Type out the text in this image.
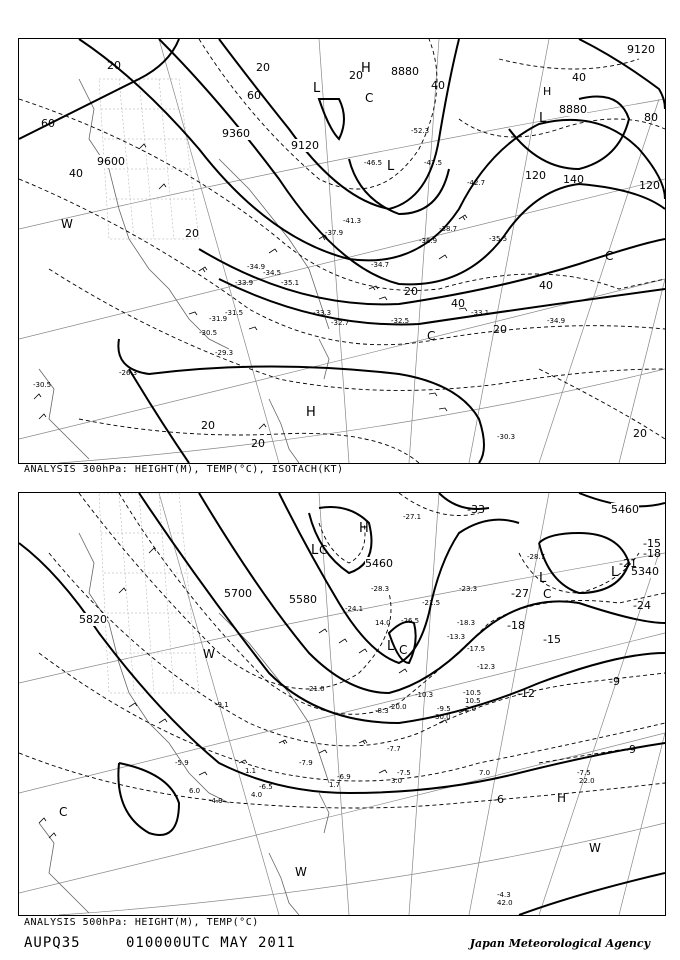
9600
9360
9120
8880
8880
9120
20	20
40
40
60
60
20	40
80
120 140	120
40
20
40
20
20
20
20
20
H
L
L
L
H
C
C
C
W
H
-52.3
-47.5
-42.7
-38.7
-36.9
-34.7
-34.9
-34.5
-33.1
-32.5
-32.7
-33.3
-31.5
-35.5
-34.9
-31.9
-30.5
-29.3
-35.1
-33.9
-37.9
-41.3
-46.5
-30.5
-26.3
-30.3
ANALYSIS 300hPa: HEIGHT(M), TEMP(°C), ISOTACH(KT)
5820
5700	5580
5460
5460
5340
-33
-27
-24
-21
-18
-15
-18
-15
-12
-9
-9
-6
H
L C
L C
L	L
C
W
W
C
H
W
-21.5
-23.3
-26.5
-28.3
-24.1
-18.3
-17.5
-10.5
-10.3
-12.3
-9.5
-8.3
-7.7
-7.9
-6.9
-6.5
-7.5
-4.9
-5.9
-9.1
-7.5
-4.3
-27.1
-28.7
-13.3
20.0
21.0
14.0
10.5
2.0
30.0
3.0
7.0
22.0
42.0
4.0
1.1
1.7
6.0
ANALYSIS 500hPa: HEIGHT(M), TEMP(°C)
AUPQ35	010000UTC MAY 2011	Japan Meteorological Agency
